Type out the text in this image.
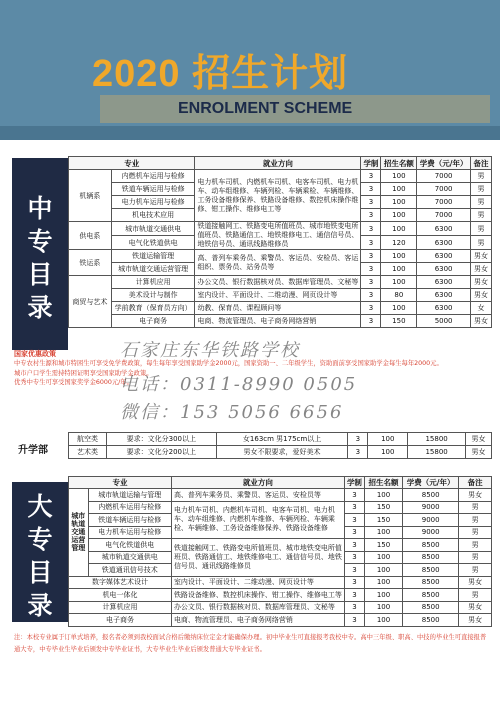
2020 招生计划
ENROLMENT SCHEME
中
专
目
录
专业		就业方向	学制	招生名额	学费（元/年）	备注
机辆系	内燃机车运用与检修	电力机车司机、内燃机车司机、电客车司机、电力机车、动车组维修、车辆列检、车辆乘检、车辆维修、工务设备维修保养、铁路设备维修、数控机床操作维修、钳工操作、维修电工等	3	100	7000	男
	铁道车辆运用与检修		3	100	7000	男
	电力机车运用与检修		3	100	7000	男
	机电技术应用		3	100	7000	男
供电系	城市轨道交通供电	铁道接触网工、铁路变电所值班员、城市地铁变电所值班员、铁路通信工、地铁维修电工、通信信号员、地铁信号员、通讯线路维修员	3	100	6300	男
	电气化铁道供电		3	120	6300	男
铁运系	铁道运输管理	高、普列车乘务员、乘警员、客运员、安检员、客运组织、票务员、站务员等	3	100	6300	男女
	城市轨道交通运营管理		3	100	6300	男女
商贸与艺术	计算机应用	办公文员、银行数据核对员、数据库管理员、文秘等	3	100	6300	男女
	美术设计与制作	室内设计、平面设计、二维动漫、网页设计等	3	80	6300	男女
	学前教育（保育员方向）	幼教、保育员、课程顾问等	3	100	6300	女
	电子商务	电商、物流管理员、电子商务网络营销	3	150	5000	男女
国家优惠政策
中专农村生源和城市特困生可享受免学费政策，每生每年享受国家助学金2000元，国家资助一、二年级学生，资助面前享受国家助学金每生每年2000元。
城市户口学生需持特困证明享受国家助学金政策。
优秀中专生可享受国家奖学金6000元/年。
石家庄东华铁路学校
电话：0311-8990 0505
微信：153 5056 6656
升学部
航空类	要求：文化分300以上	女163cm 男175cm以上	3	100	15800	男女
艺术类	要求：文化分200以上	男女不限要求，爱好美术	3	100	15800	男女
大
专
目
录
专业		就业方向	学制	招生名额	学费（元/年）	备注
城市轨道交通运营管理	城市轨道运输与管理	高、普列车乘务员、乘警员、客运员、安检员等	3	100	8500	男女
	内燃机车运用与检修	电力机车司机、内燃机车司机、电客车司机、电力机车、动车组维修、内燃机车维修、车辆列检、车辆乘检、车辆维修、工务设备维修保养、铁路设备维修	3	150	9000	男
	铁道车辆运用与检修		3	150	9000	男
	电力机车运用与检修		3	100	9000	男
	电气化铁道供电	铁道接触网工、铁路变电所值班员、城市地铁变电所值班员、铁路通信工、地铁维修电工、通信信号员、地铁信号员、通讯线路维修员	3	150	8500	男
	城市轨道交通供电		3	100	8500	男
	铁道通讯信号技术		3	100	8500	男
数字媒体艺术设计		室内设计、平面设计、二维动漫、网页设计等	3	100	8500	男女
机电一体化		铁路设备维修、数控机床操作、钳工操作、维修电工等	3	100	8500	男
计算机应用		办公文员、银行数据核对员、数据库管理员、文秘等	3	100	8500	男女
电子商务		电商、物流管理员、电子商务网络营销	3	100	8500	男女
注：本校专业属于订单式培养，报名者必须到我校面试合格后缴纳床位定金才能确保办理。初中毕业生可直接报考我校中专。高中三年级、职高、中技的毕业生可直接报普通大专，中专毕业生毕业后颁发中专毕业证书，大专毕业生毕业后颁发普通大专毕业证书。
